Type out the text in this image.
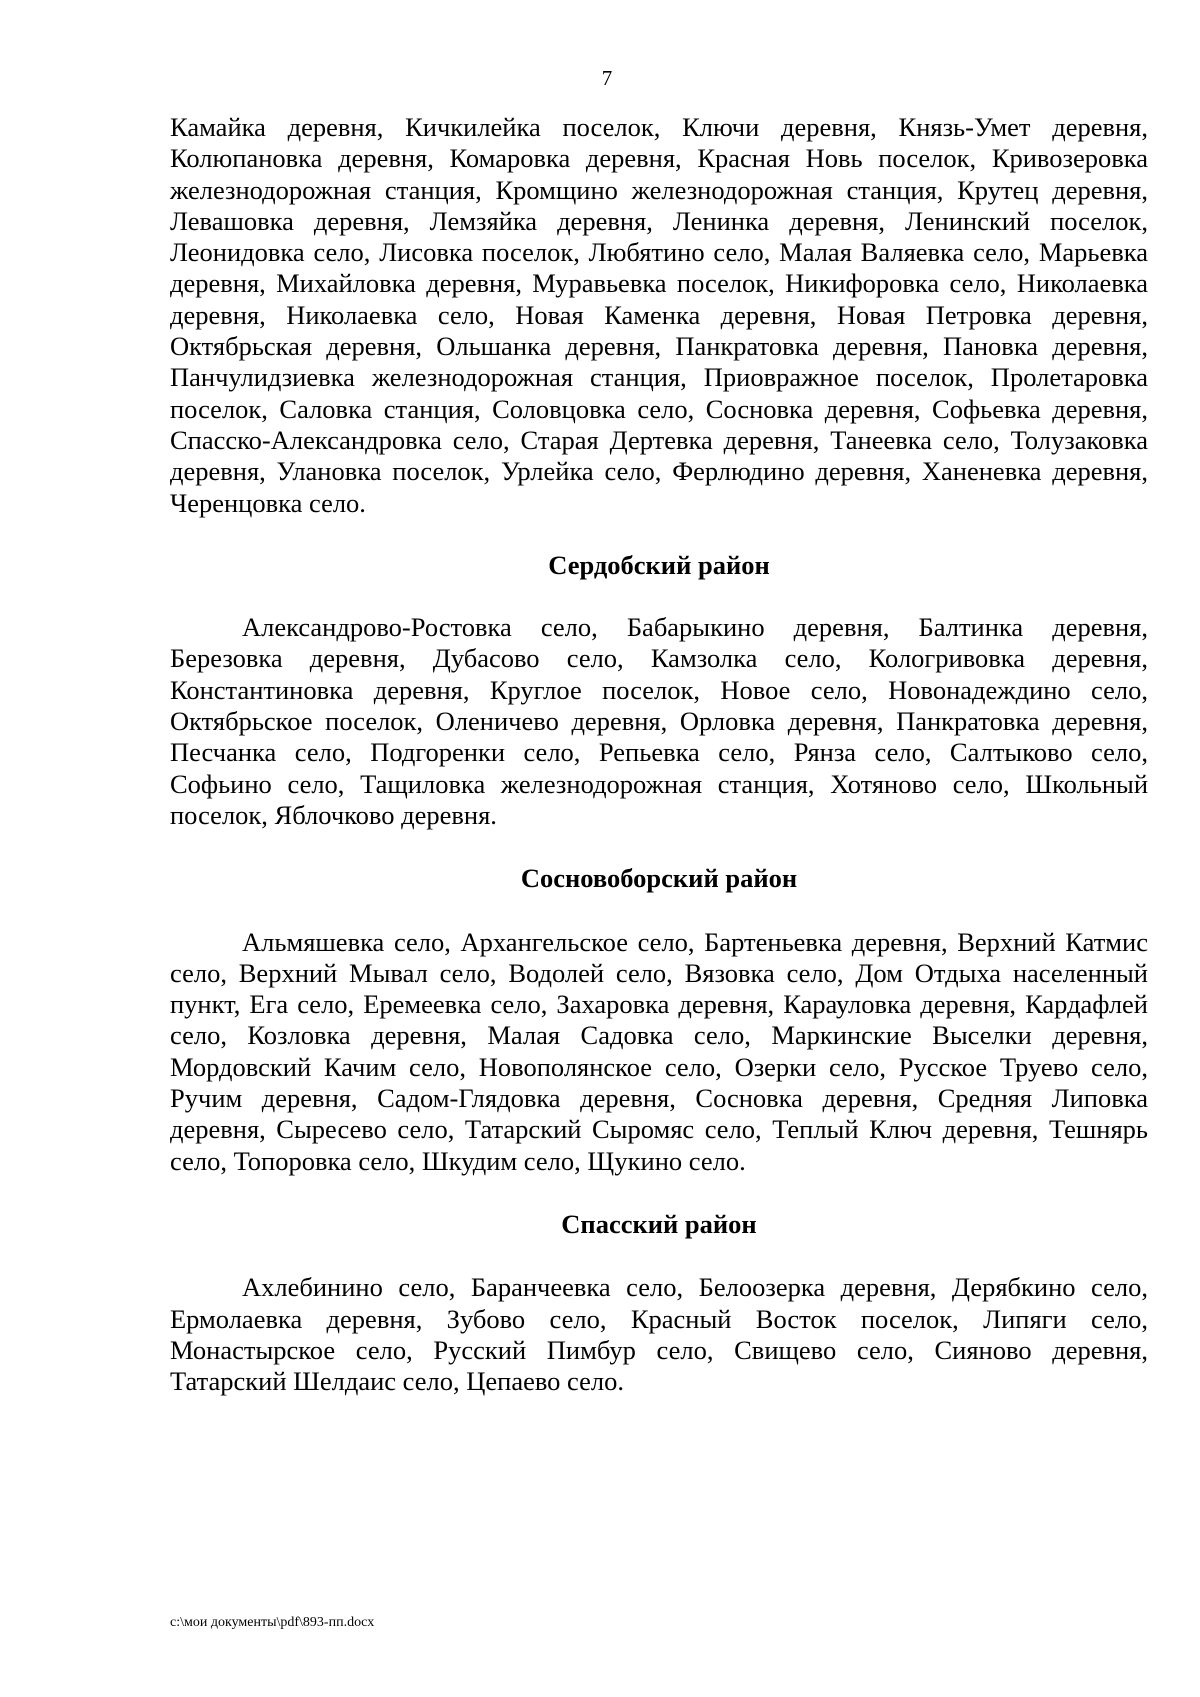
7

Камайка деревня, Кичкилейка поселок, Ключи деревня, Князь-Умет деревня, Колюпановка деревня, Комаровка деревня, Красная Новь поселок, Кривозеровка железнодорожная станция, Кромщино железнодорожная станция, Крутец деревня, Левашовка деревня, Лемзяйка деревня, Ленинка деревня, Ленинский поселок, Леонидовка село, Лисовка поселок, Любятино село, Малая Валяевка село, Марьевка деревня, Михайловка деревня, Муравьевка поселок, Никифоровка село, Николаевка деревня, Николаевка село, Новая Каменка деревня, Новая Петровка деревня, Октябрьская деревня, Ольшанка деревня, Панкратовка деревня, Пановка деревня, Панчулидзиевка железнодорожная станция, Приовражное поселок, Пролетаровка поселок, Саловка станция, Соловцовка село, Сосновка деревня, Софьевка деревня, Спасско-Александровка село, Старая Дертевка деревня, Танеевка село, Толузаковка деревня, Улановка поселок, Урлейка село, Ферлюдино деревня, Ханеневка деревня, Черенцовка село.

Сердобский район

Александрово-Ростовка село, Бабарыкино деревня, Балтинка деревня, Березовка деревня, Дубасово село, Камзолка село, Кологривовка деревня, Константиновка деревня, Круглое поселок, Новое село, Новонадеждино село, Октябрьское поселок, Оленичево деревня, Орловка деревня, Панкратовка деревня, Песчанка село, Подгоренки село, Репьевка село, Рянза село, Салтыково село, Софьино село, Тащиловка железнодорожная станция, Хотяново село, Школьный поселок, Яблочково деревня.

Сосновоборский район

Альмяшевка село, Архангельское село, Бартеньевка деревня, Верхний Катмис село, Верхний Мывал село, Водолей село, Вязовка село, Дом Отдыха населенный пункт, Ега село, Еремеевка село, Захаровка деревня, Карауловка деревня, Кардафлей село, Козловка деревня, Малая Садовка село, Маркинские Выселки деревня, Мордовский Качим село, Новополянское село, Озерки село, Русское Труево село, Ручим деревня, Садом-Глядовка деревня, Сосновка деревня, Средняя Липовка деревня, Сыресево село, Татарский Сыромяс село, Теплый Ключ деревня, Тешнярь село, Топоровка село, Шкудим село, Щукино село.

Спасский район

Ахлебинино село, Баранчеевка село, Белоозерка деревня, Дерябкино село, Ермолаевка деревня, Зубово село, Красный Восток поселок, Липяги село, Монастырское село, Русский Пимбур село, Свищево село, Сияново деревня, Татарский Шелдаис село, Цепаево село.

c:\мои документы\pdf\893-пп.docx
